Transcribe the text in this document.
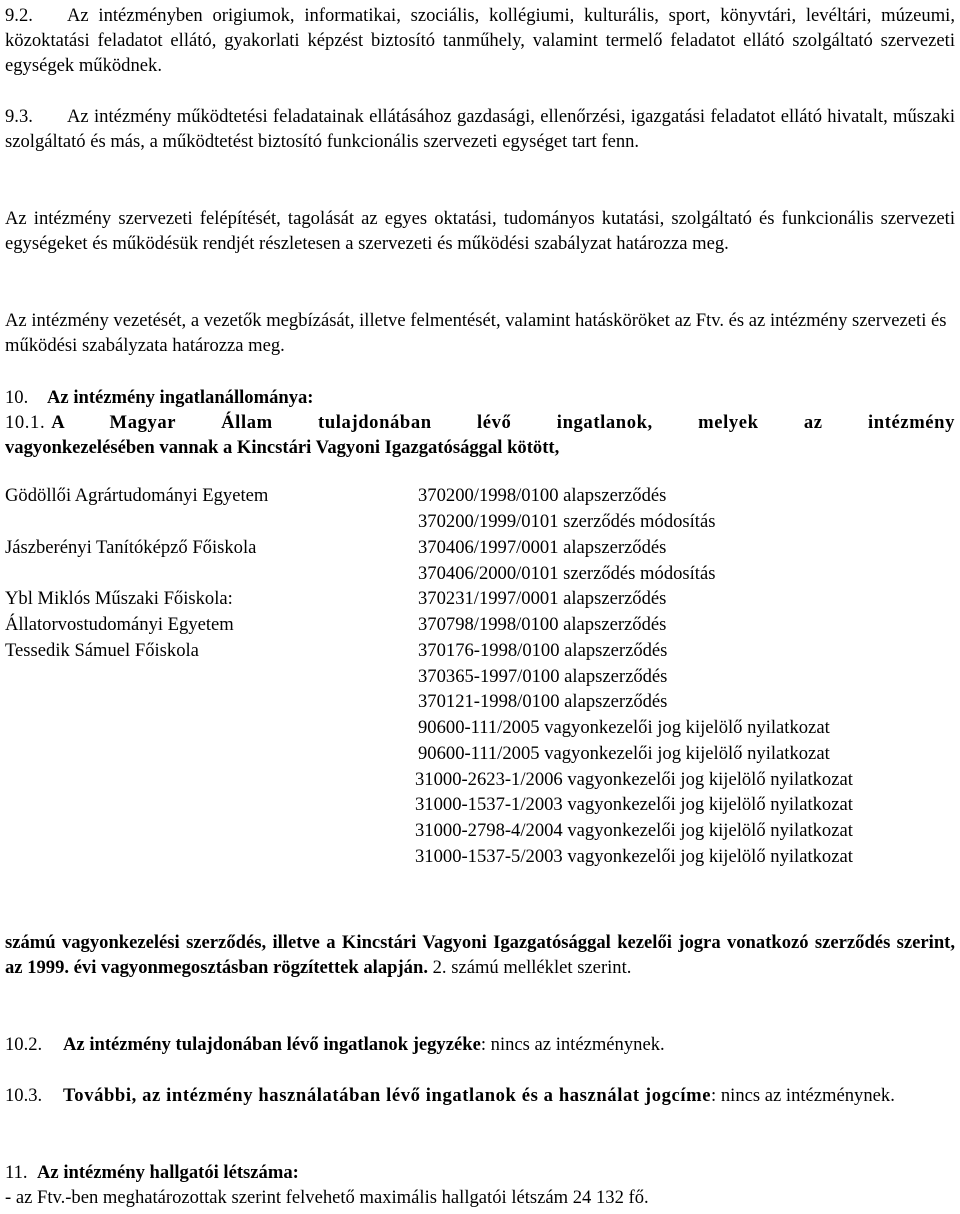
9.2. Az intézményben origiumok, informatikai, szociális, kollégiumi, kulturális, sport, könyvtári, levéltári, múzeumi, közoktatási feladatot ellátó, gyakorlati képzést biztosító tanműhely, valamint termelő feladatot ellátó szolgáltató szervezeti egységek működnek.
9.3. Az intézmény működtetési feladatainak ellátásához gazdasági, ellenőrzési, igazgatási feladatot ellátó hivatalt, műszaki szolgáltató és más, a működtetést biztosító funkcionális szervezeti egységet tart fenn.
Az intézmény szervezeti felépítését, tagolását az egyes oktatási, tudományos kutatási, szolgáltató és funkcionális szervezeti egységeket és működésük rendjét részletesen a szervezeti és működési szabályzat határozza meg.
Az intézmény vezetését, a vezetők megbízását, illetve felmentését, valamint hatásköröket az Ftv. és az intézmény szervezeti és működési szabályzata határozza meg.
10. Az intézmény ingatlanállománya:
10.1. A Magyar Állam tulajdonában lévő ingatlanok, melyek az intézmény
vagyonkezelésében vannak a Kincstári Vagyoni Igazgatósággal kötött,
Gödöllői Agrártudományi Egyetem
Jászberényi Tanítóképző Főiskola
Ybl Miklós Műszaki Főiskola:
Állatorvostudományi Egyetem
Tessedik Sámuel Főiskola
370200/1998/0100 alapszerződés
370200/1999/0101 szerződés módosítás
370406/1997/0001 alapszerződés
370406/2000/0101 szerződés módosítás
370231/1997/0001 alapszerződés
370798/1998/0100 alapszerződés
370176-1998/0100 alapszerződés
370365-1997/0100 alapszerződés
370121-1998/0100 alapszerződés
90600-111/2005 vagyonkezelői jog kijelölő nyilatkozat
90600-111/2005 vagyonkezelői jog kijelölő nyilatkozat
31000-2623-1/2006 vagyonkezelői jog kijelölő nyilatkozat
31000-1537-1/2003 vagyonkezelői jog kijelölő nyilatkozat
31000-2798-4/2004 vagyonkezelői jog kijelölő nyilatkozat
31000-1537-5/2003 vagyonkezelői jog kijelölő nyilatkozat
számú vagyonkezelési szerződés, illetve a Kincstári Vagyoni Igazgatósággal kezelői jogra vonatkozó szerződés szerint, az 1999. évi vagyonmegosztásban rögzítettek alapján. 2. számú melléklet szerint.
10.2. Az intézmény tulajdonában lévő ingatlanok jegyzéke: nincs az intézménynek.
10.3. További, az intézmény használatában lévő ingatlanok és a használat jogcíme: nincs az intézménynek.
11. Az intézmény hallgatói létszáma:
- az Ftv.-ben meghatározottak szerint felvehető maximális hallgatói létszám 24 132 fő.
